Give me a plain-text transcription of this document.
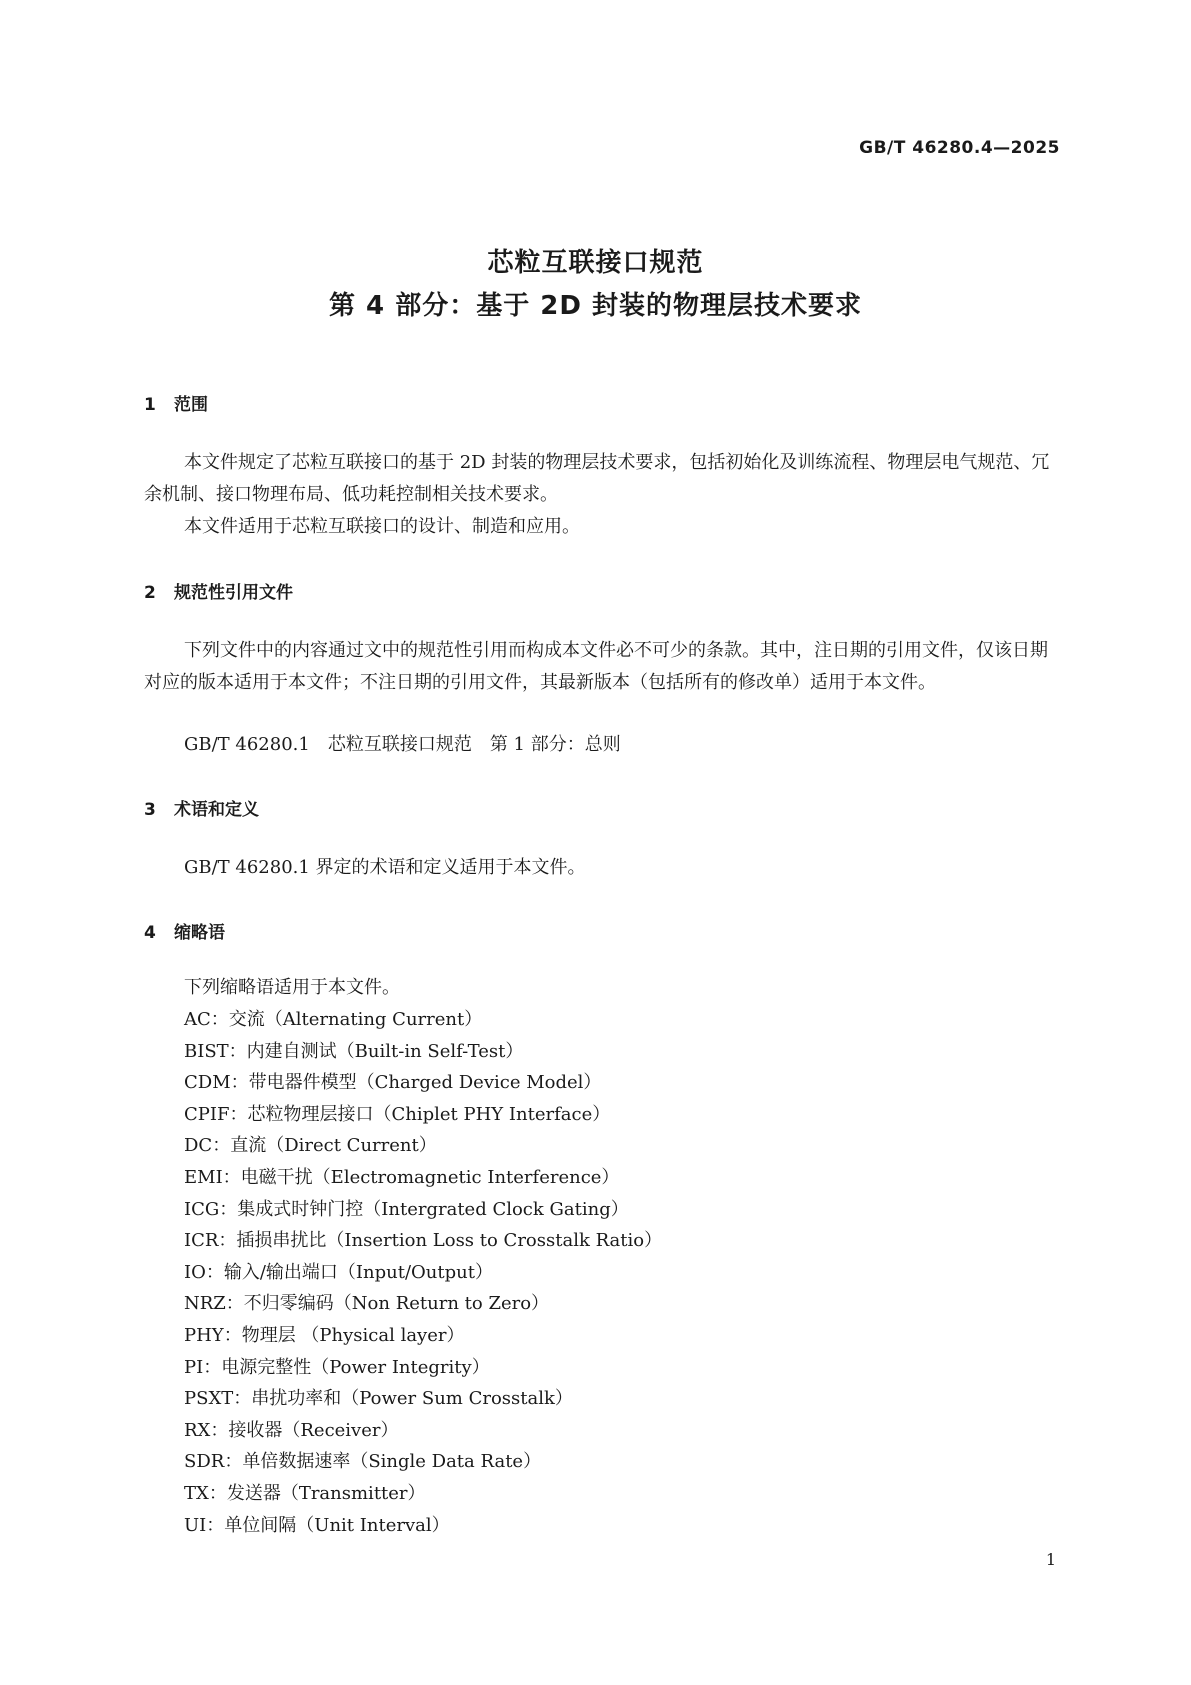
GB/T 46280.4—2025
芯粒互联接口规范
第 4 部分：基于 2D 封装的物理层技术要求
1 范围

本文件规定了芯粒互联接口的基于 2D 封装的物理层技术要求，包括初始化及训练流程、物理层电气规范、冗余机制、接口物理布局、低功耗控制相关技术要求。

本文件适用于芯粒互联接口的设计、制造和应用。

2 规范性引用文件

下列文件中的内容通过文中的规范性引用而构成本文件必不可少的条款。其中，注日期的引用文件，仅该日期对应的版本适用于本文件；不注日期的引用文件，其最新版本（包括所有的修改单）适用于本文件。

GB/T 46280.1　芯粒互联接口规范　第 1 部分：总则
3 术语和定义
GB/T 46280.1 界定的术语和定义适用于本文件。
4 缩略语
下列缩略语适用于本文件。
AC：交流（Alternating Current）
BIST：内建自测试（Built-in Self-Test）
CDM：带电器件模型（Charged Device Model）
CPIF：芯粒物理层接口（Chiplet PHY Interface）
DC：直流（Direct Current）
EMI：电磁干扰（Electromagnetic Interference）
ICG：集成式时钟门控（Intergrated Clock Gating）
ICR：插损串扰比（Insertion Loss to Crosstalk Ratio）
IO：输入/输出端口（Input/Output）
NRZ：不归零编码（Non Return to Zero）
PHY：物理层 （Physical layer）
PI：电源完整性（Power Integrity）
PSXT：串扰功率和（Power Sum Crosstalk）
RX：接收器（Receiver）
SDR：单倍数据速率（Single Data Rate）
TX：发送器（Transmitter）
UI：单位间隔（Unit Interval）
1
